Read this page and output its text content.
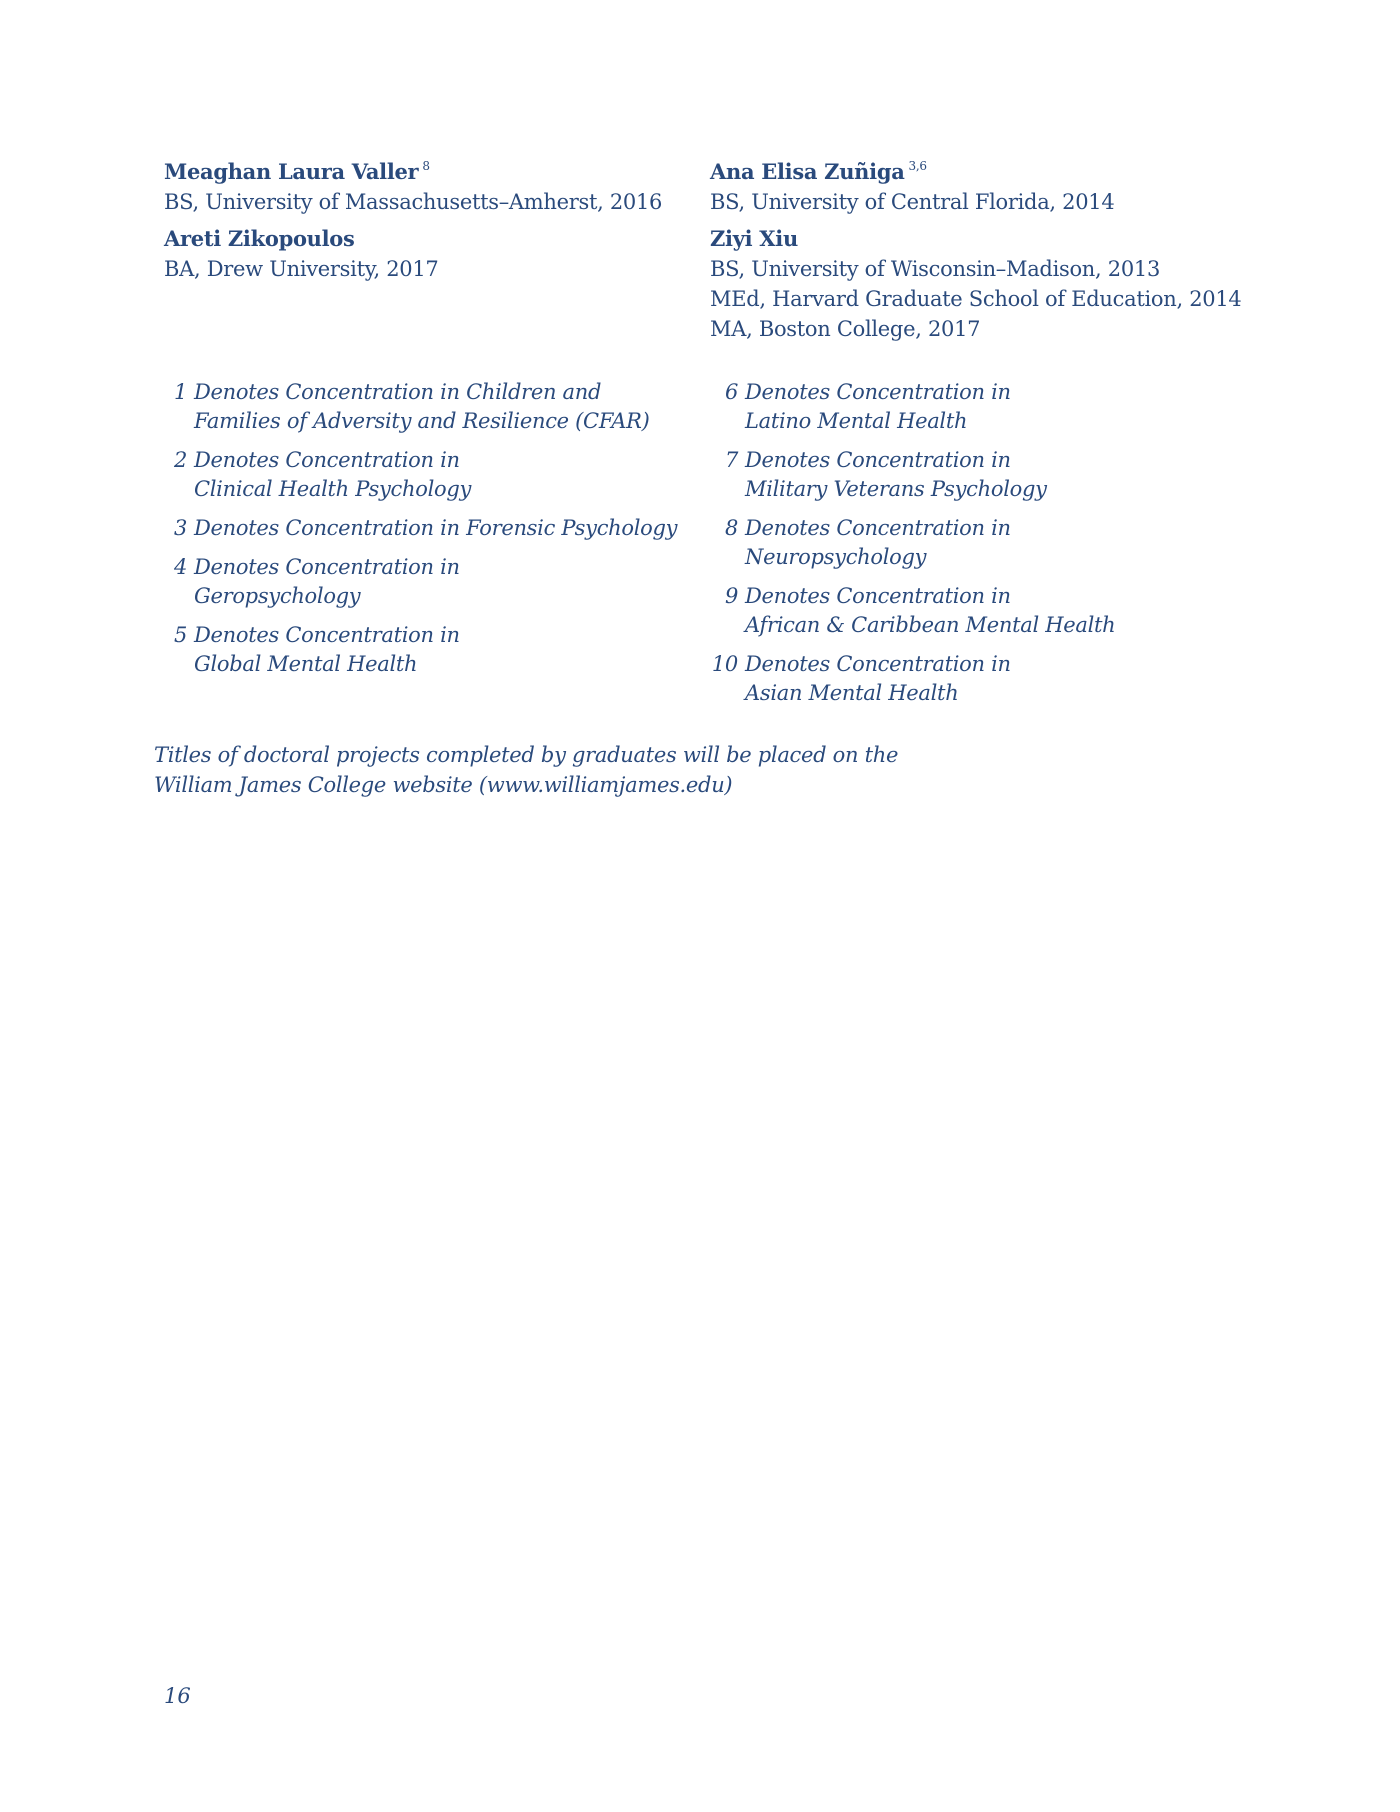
Meaghan Laura Valler $^8$
BS, University of Massachusetts–Amherst, 2016
Areti Zikopoulos
BA, Drew University, 2017
Ana Elisa Zuñiga $^{3,6}$
BS, University of Central Florida, 2014
Ziyi Xiu
BS, University of Wisconsin–Madison, 2013
MEd, Harvard Graduate School of Education, 2014
MA, Boston College, 2017
1 Denotes Concentration in Children and
Families of Adversity and Resilience (CFAR)
2 Denotes Concentration in
Clinical Health Psychology
3 Denotes Concentration in Forensic Psychology
4 Denotes Concentration in
Geropsychology
5 Denotes Concentration in
Global Mental Health
6 Denotes Concentration in
Latino Mental Health
7 Denotes Concentration in
Military Veterans Psychology
8 Denotes Concentration in
Neuropsychology
9 Denotes Concentration in
African & Caribbean Mental Health
10 Denotes Concentration in
Asian Mental Health

Titles of doctoral projects completed by graduates will be placed on the

William James College website (www.williamjames.edu)

16
